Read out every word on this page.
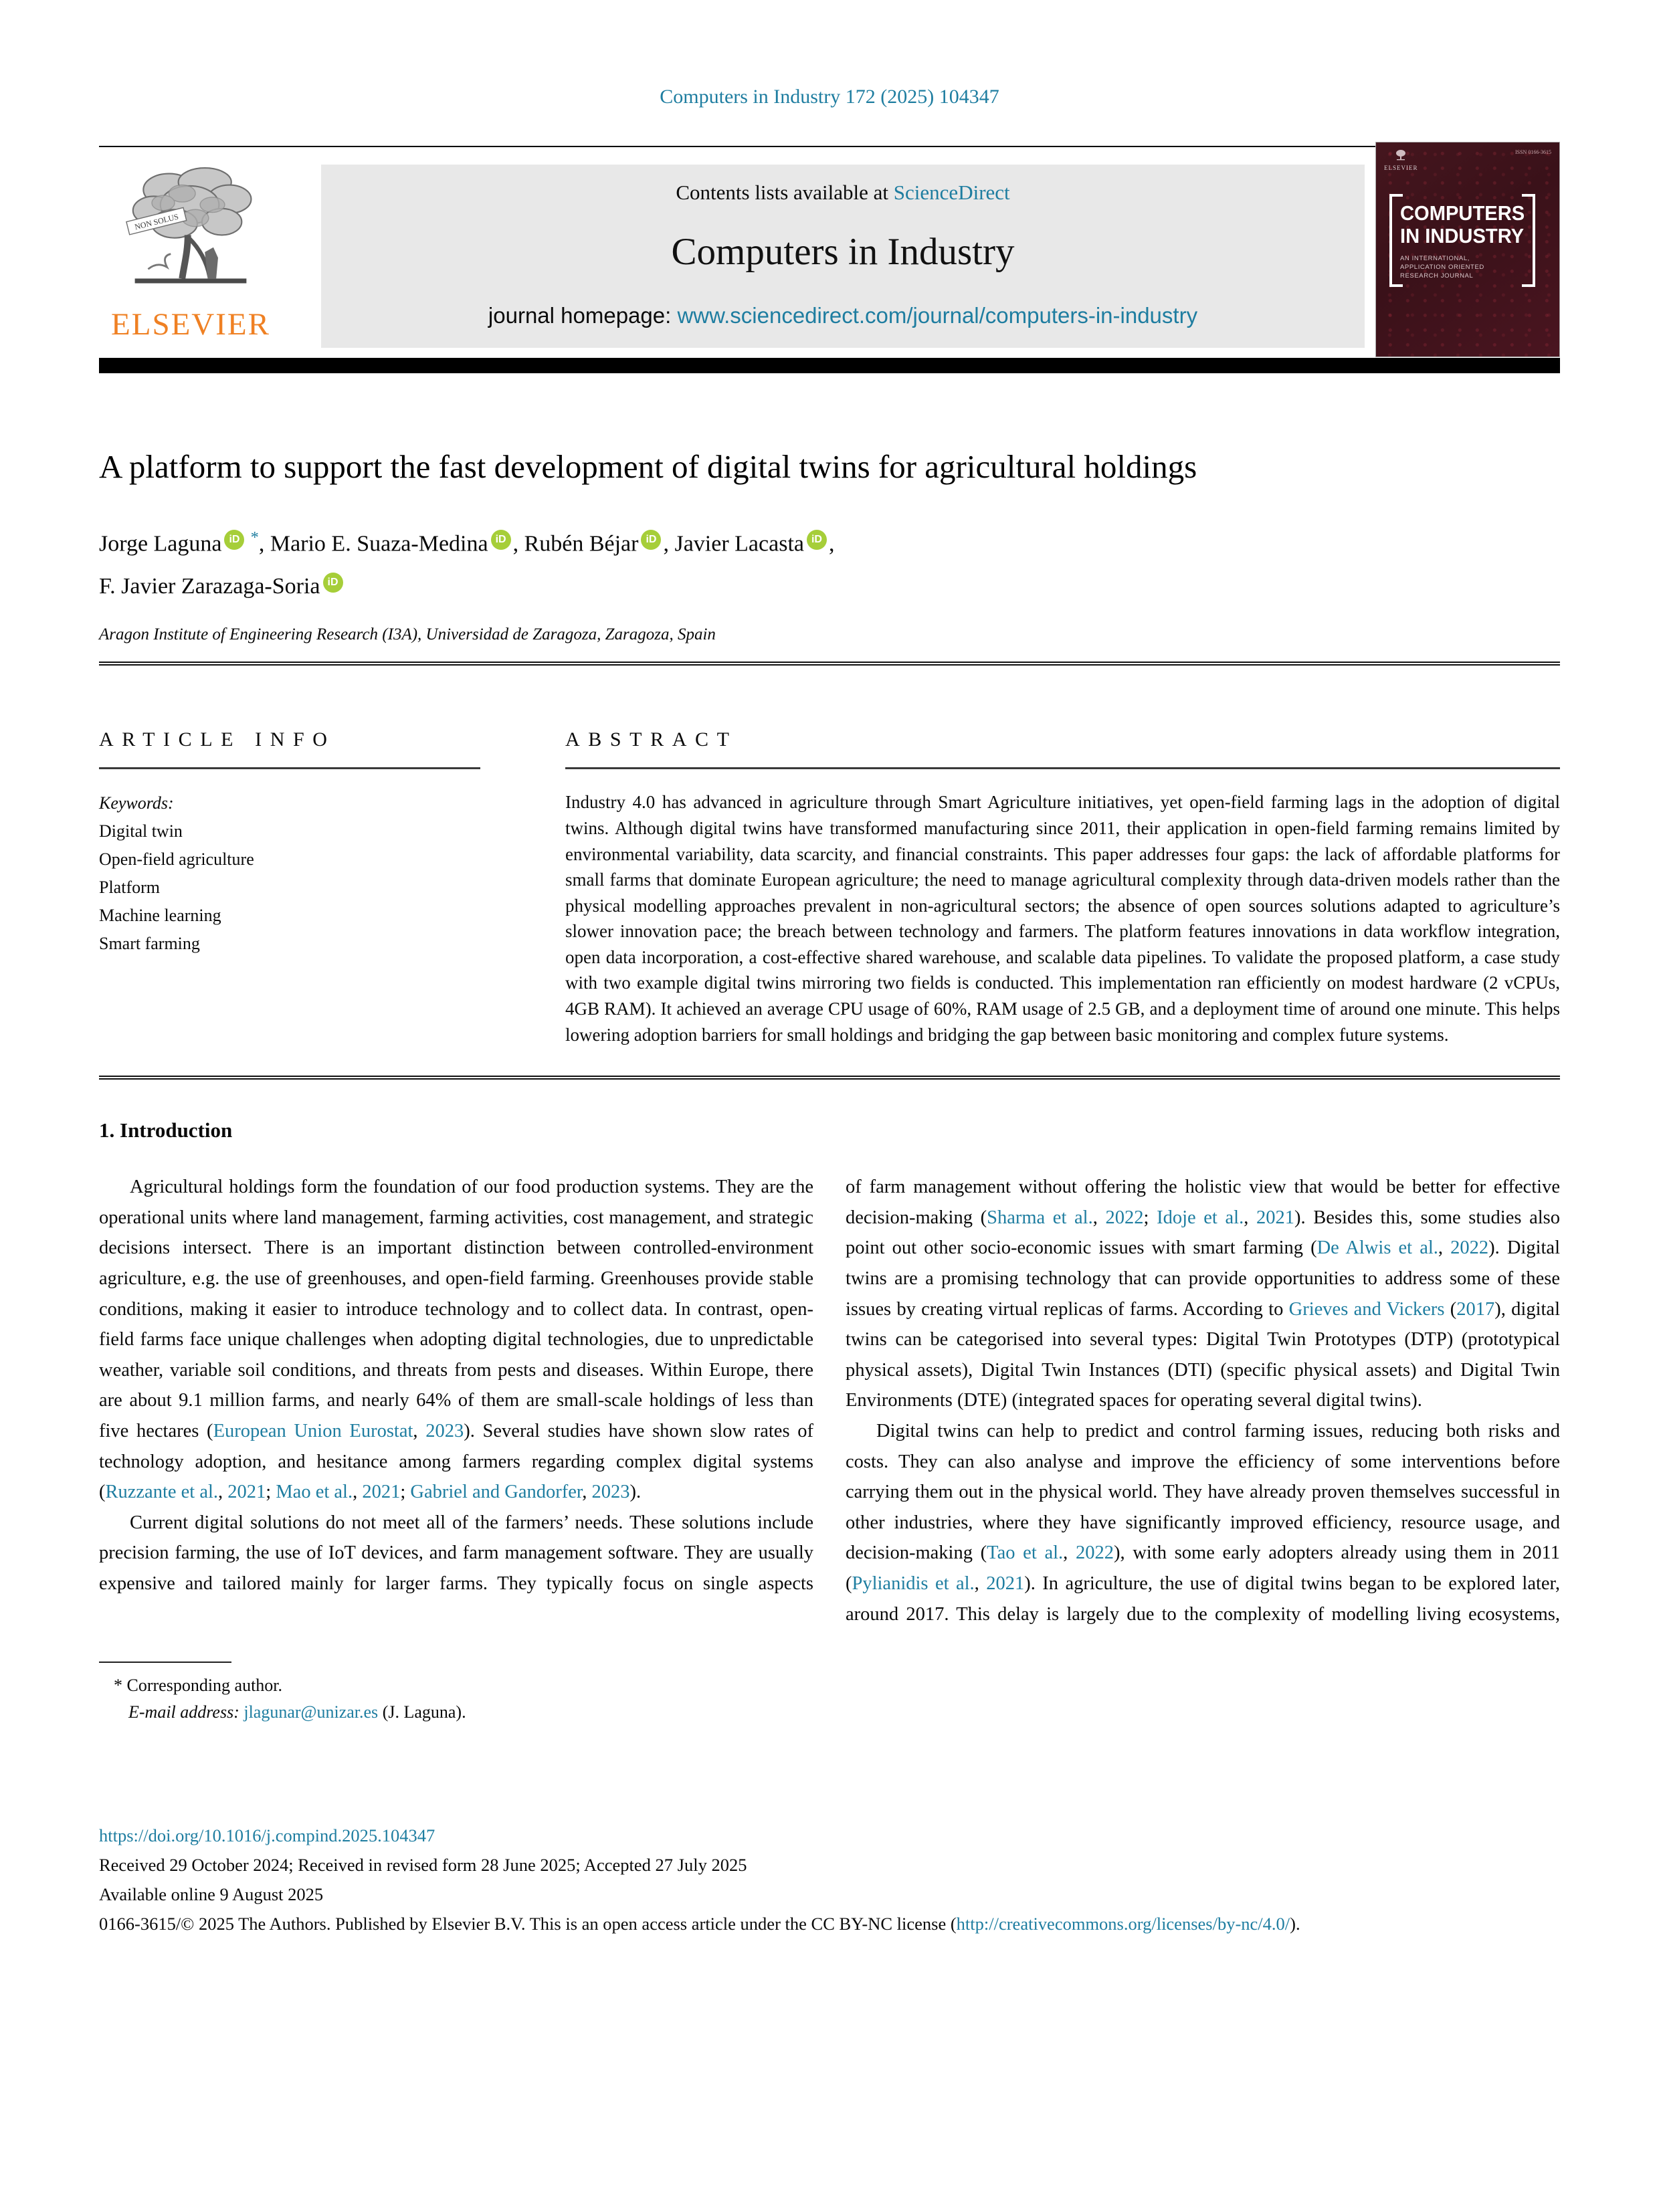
Computers in Industry 172 (2025) 104347
NON SOLUS
ELSEVIER
Contents lists available at ScienceDirect
Computers in Industry
journal homepage: www.sciencedirect.com/journal/computers-in-industry
ELSEVIER
ISSN 0166-3615
COMPUTERS
IN INDUSTRY
AN INTERNATIONAL, APPLICATION ORIENTED RESEARCH JOURNAL
A platform to support the fast development of digital twins for agricultural holdings
Jorge Laguna iD *, Mario E. Suaza-Medina iD , Rubén Béjar iD , Javier Lacasta iD ,
F. Javier Zarazaga-Soria iD
Aragon Institute of Engineering Research (I3A), Universidad de Zaragoza, Zaragoza, Spain
ARTICLE INFO
Keywords:
Digital twin
Open-field agriculture
Platform
Machine learning
Smart farming
ABSTRACT
Industry 4.0 has advanced in agriculture through Smart Agriculture initiatives, yet open-field farming lags in the adoption of digital twins. Although digital twins have transformed manufacturing since 2011, their application in open-field farming remains limited by environmental variability, data scarcity, and financial constraints. This paper addresses four gaps: the lack of affordable platforms for small farms that dominate European agriculture; the need to manage agricultural complexity through data-driven models rather than the physical modelling approaches prevalent in non-agricultural sectors; the absence of open sources solutions adapted to agriculture’s slower innovation pace; the breach between technology and farmers. The platform features innovations in data workflow integration, open data incorporation, a cost-effective shared warehouse, and scalable data pipelines. To validate the proposed platform, a case study with two example digital twins mirroring two fields is conducted. This implementation ran efficiently on modest hardware (2 vCPUs, 4GB RAM). It achieved an average CPU usage of 60%, RAM usage of 2.5 GB, and a deployment time of around one minute. This helps lowering adoption barriers for small holdings and bridging the gap between basic monitoring and complex future systems.
1. Introduction

Agricultural holdings form the foundation of our food production systems. They are the operational units where land management, farming activities, cost management, and strategic decisions intersect. There is an important distinction between controlled-environment agriculture, e.g. the use of greenhouses, and open-field farming. Greenhouses provide stable conditions, making it easier to introduce technology and to collect data. In contrast, open-field farms face unique challenges when adopting digital technologies, due to unpredictable weather, variable soil conditions, and threats from pests and diseases. Within Europe, there are about 9.1 million farms, and nearly 64% of them are small-scale holdings of less than five hectares (European Union Eurostat, 2023). Several studies have shown slow rates of technology adoption, and hesitance among farmers regarding complex digital systems (Ruzzante et al., 2021; Mao et al., 2021; Gabriel and Gandorfer, 2023).

Current digital solutions do not meet all of the farmers’ needs. These solutions include precision farming, the use of IoT devices, and farm management software. They are usually expensive and tailored mainly for larger farms. They typically focus on single aspects

of farm management without offering the holistic view that would be better for effective decision-making (Sharma et al., 2022; Idoje et al., 2021). Besides this, some studies also point out other socio-economic issues with smart farming (De Alwis et al., 2022). Digital twins are a promising technology that can provide opportunities to address some of these issues by creating virtual replicas of farms. According to Grieves and Vickers (2017), digital twins can be categorised into several types: Digital Twin Prototypes (DTP) (prototypical physical assets), Digital Twin Instances (DTI) (specific physical assets) and Digital Twin Environments (DTE) (integrated spaces for operating several digital twins).

Digital twins can help to predict and control farming issues, reducing both risks and costs. They can also analyse and improve the efficiency of some interventions before carrying them out in the physical world. They have already proven themselves successful in other industries, where they have significantly improved efficiency, resource usage, and decision-making (Tao et al., 2022), with some early adopters already using them in 2011 (Pylianidis et al., 2021). In agriculture, the use of digital twins began to be explored later, around 2017. This delay is largely due to the complexity of modelling living ecosystems,

* Corresponding author.
E-mail address: jlagunar@unizar.es (J. Laguna).
https://doi.org/10.1016/j.compind.2025.104347
Received 29 October 2024; Received in revised form 28 June 2025; Accepted 27 July 2025
Available online 9 August 2025
0166-3615/© 2025 The Authors. Published by Elsevier B.V. This is an open access article under the CC BY-NC license (http://creativecommons.org/licenses/by-nc/4.0/).
